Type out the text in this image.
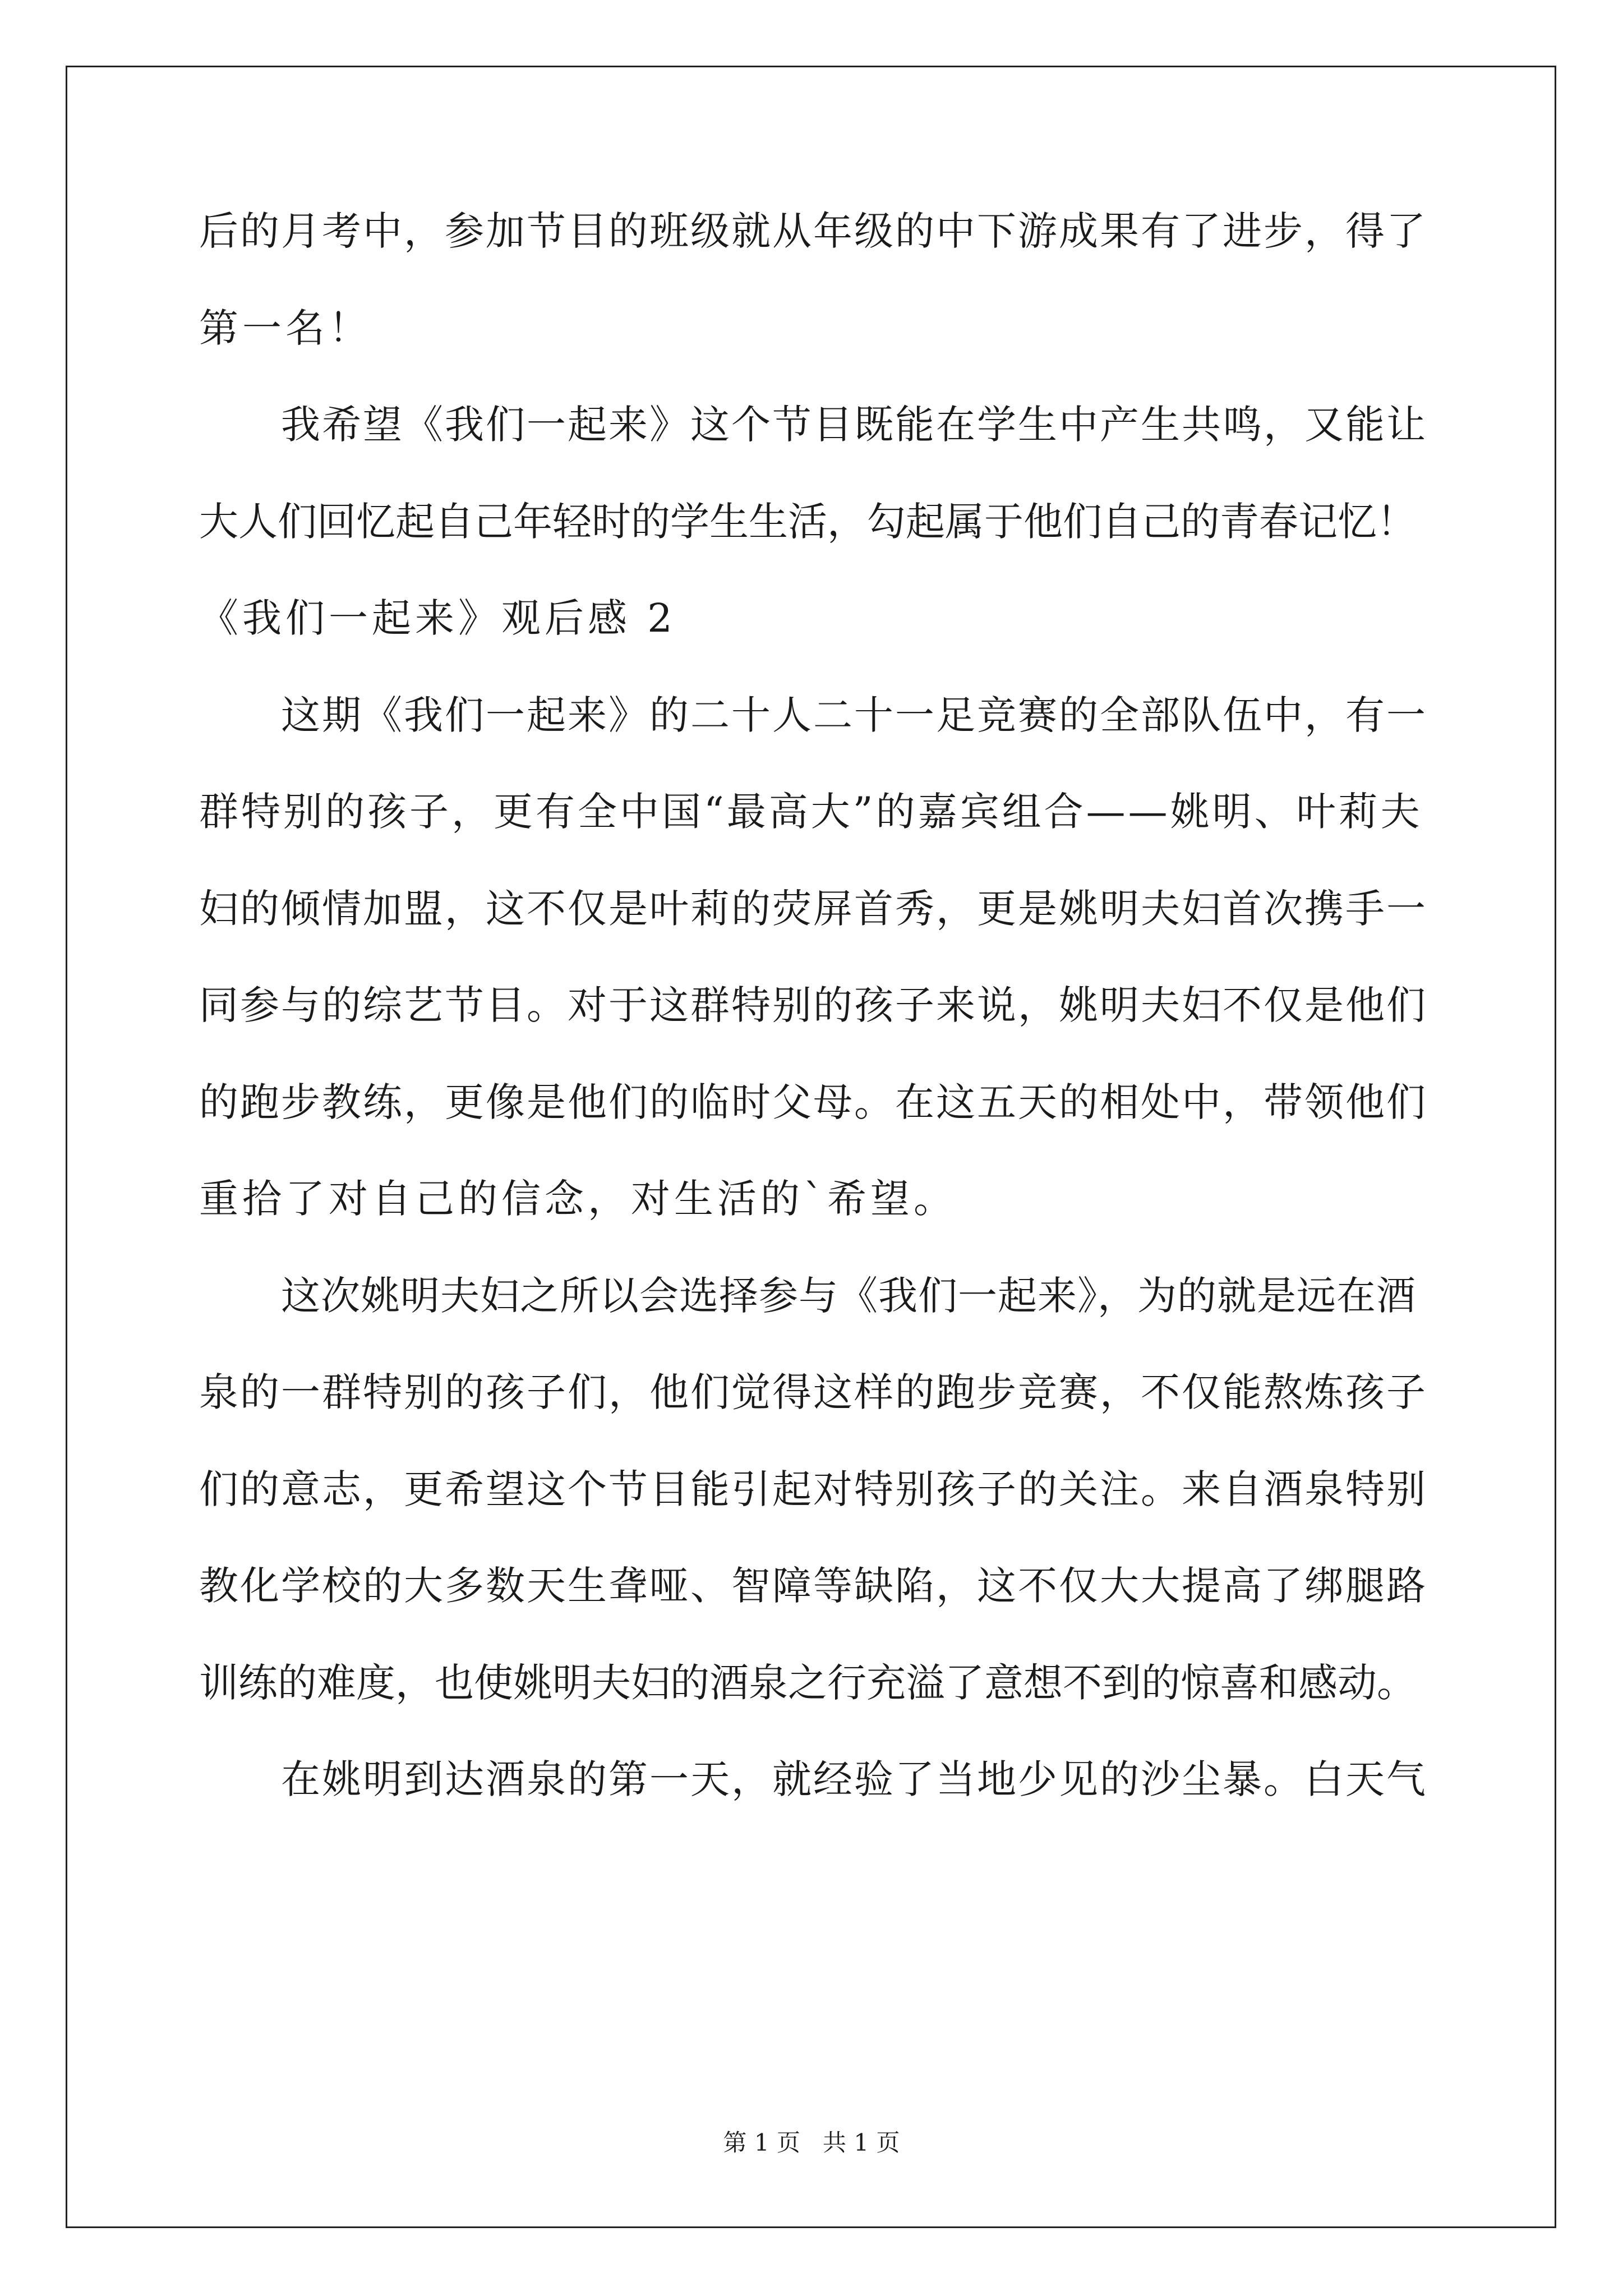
后的月考中，参加节目的班级就从年级的中下游成果有了进步，得了
第一名！
我希望《我们一起来》这个节目既能在学生中产生共鸣，又能让
大人们回忆起自己年轻时的学生生活，勾起属于他们自己的青春记忆！
《我们一起来》观后感 2
这期《我们一起来》的二十人二十一足竞赛的全部队伍中，有一
群特别的孩子，更有全中国“最高大”的嘉宾组合——姚明、叶莉夫
妇的倾情加盟，这不仅是叶莉的荧屏首秀，更是姚明夫妇首次携手一
同参与的综艺节目。对于这群特别的孩子来说，姚明夫妇不仅是他们
的跑步教练，更像是他们的临时父母。在这五天的相处中，带领他们
重拾了对自己的信念，对生活的`希望。
这次姚明夫妇之所以会选择参与《我们一起来》，为的就是远在酒
泉的一群特别的孩子们，他们觉得这样的跑步竞赛，不仅能熬炼孩子
们的意志，更希望这个节目能引起对特别孩子的关注。来自酒泉特别
教化学校的大多数天生聋哑、智障等缺陷，这不仅大大提高了绑腿路
训练的难度，也使姚明夫妇的酒泉之行充溢了意想不到的惊喜和感动。
在姚明到达酒泉的第一天，就经验了当地少见的沙尘暴。白天气
第 1 页   共 1 页
